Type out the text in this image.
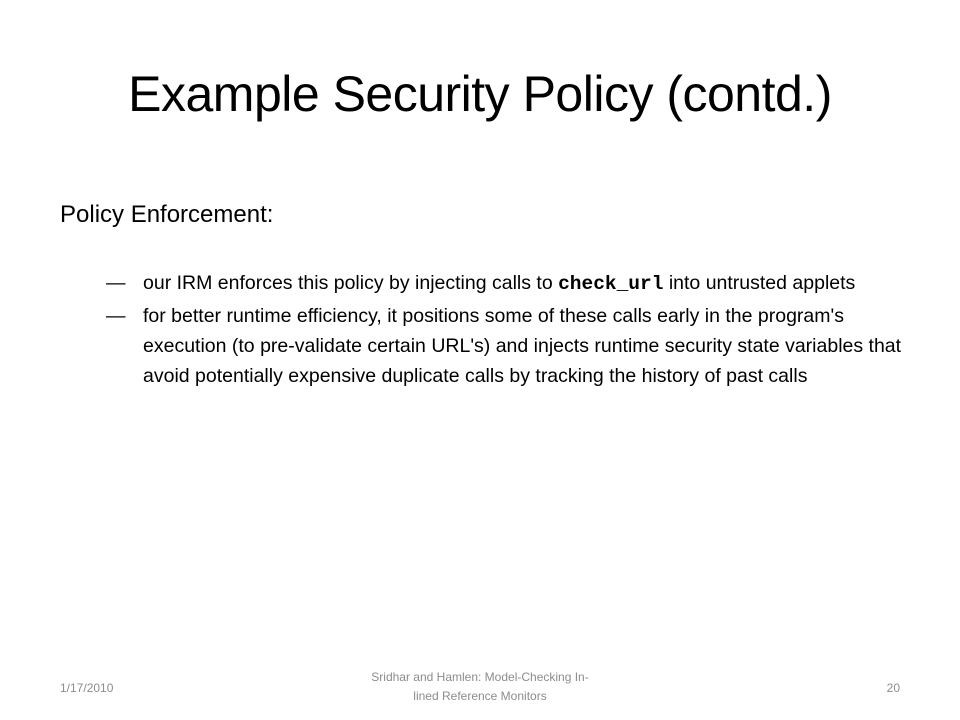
Example Security Policy (contd.)
Policy Enforcement:
— our IRM enforces this policy by injecting calls to check_url into untrusted applets
— for better runtime efficiency, it positions some of these calls early in the program's execution (to pre-validate certain URL's) and injects runtime security state variables that avoid potentially expensive duplicate calls by tracking the history of past calls
1/17/2010
Sridhar and Hamlen: Model-Checking In-
lined Reference Monitors
20
